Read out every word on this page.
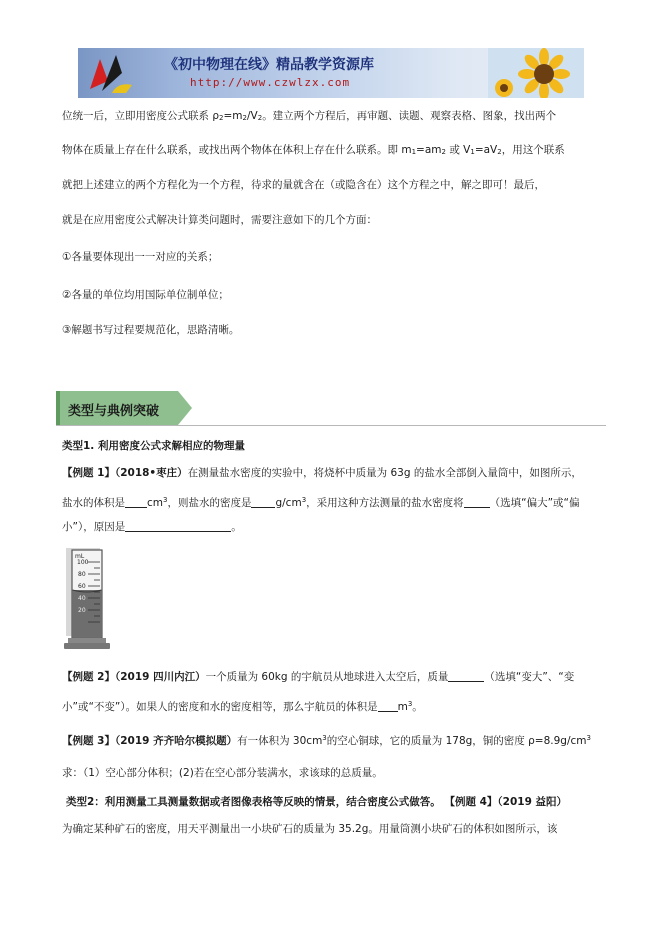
《初中物理在线》精品教学资源库
http://www.czwlzx.com
位统一后，立即用密度公式联系 $\rho_2=m_2/V_2$。建立两个方程后，再审题、读题、观察表格、图象，找出两个
物体在质量上存在什么联系，或找出两个物体在体积上存在什么联系。即 $m_1=am_2$ 或 $V_1=aV_2$，用这个联系
就把上述建立的两个方程化为一个方程，待求的量就含在（或隐含在）这个方程之中，解之即可！最后，
就是在应用密度公式解决计算类问题时，需要注意如下的几个方面：
①各量要体现出一一对应的关系；
②各量的单位均用国际单位制单位；
③解题书写过程要规范化，思路清晰。
类型与典例突破
类型1. 利用密度公式求解相应的物理量
【例题 1】（2018•枣庄）在测量盐水密度的实验中，将烧杯中质量为 63g 的盐水全部倒入量筒中，如图所示，
盐水的体积是 $cm^3$，则盐水的密度是 $g/cm^3$，采用这种方法测量的盐水密度将 （选填“偏大”或“偏
小”），原因是	。
mL
100
80
60
40
20
【例题 2】（2019 四川内江）一个质量为 60kg 的宇航员从地球进入太空后，质量	（选填“变大”、“变
小”或“不变”）。如果人的密度和水的密度相等，那么宇航员的体积是 $m^3$。
【例题 3】（2019 齐齐哈尔模拟题）有一体积为 $30cm^3$的空心铜球，它的质量为 178g，铜的密度 $\rho=8.9g/cm^3$
求：（1）空心部分体积；(2)若在空心部分装满水，求该球的总质量。
类型2：利用测量工具测量数据或者图像表格等反映的情景，结合密度公式做答。 【例题 4】（2019 益阳）
为确定某种矿石的密度，用天平测量出一小块矿石的质量为 35.2g。用量筒测小块矿石的体积如图所示，该
